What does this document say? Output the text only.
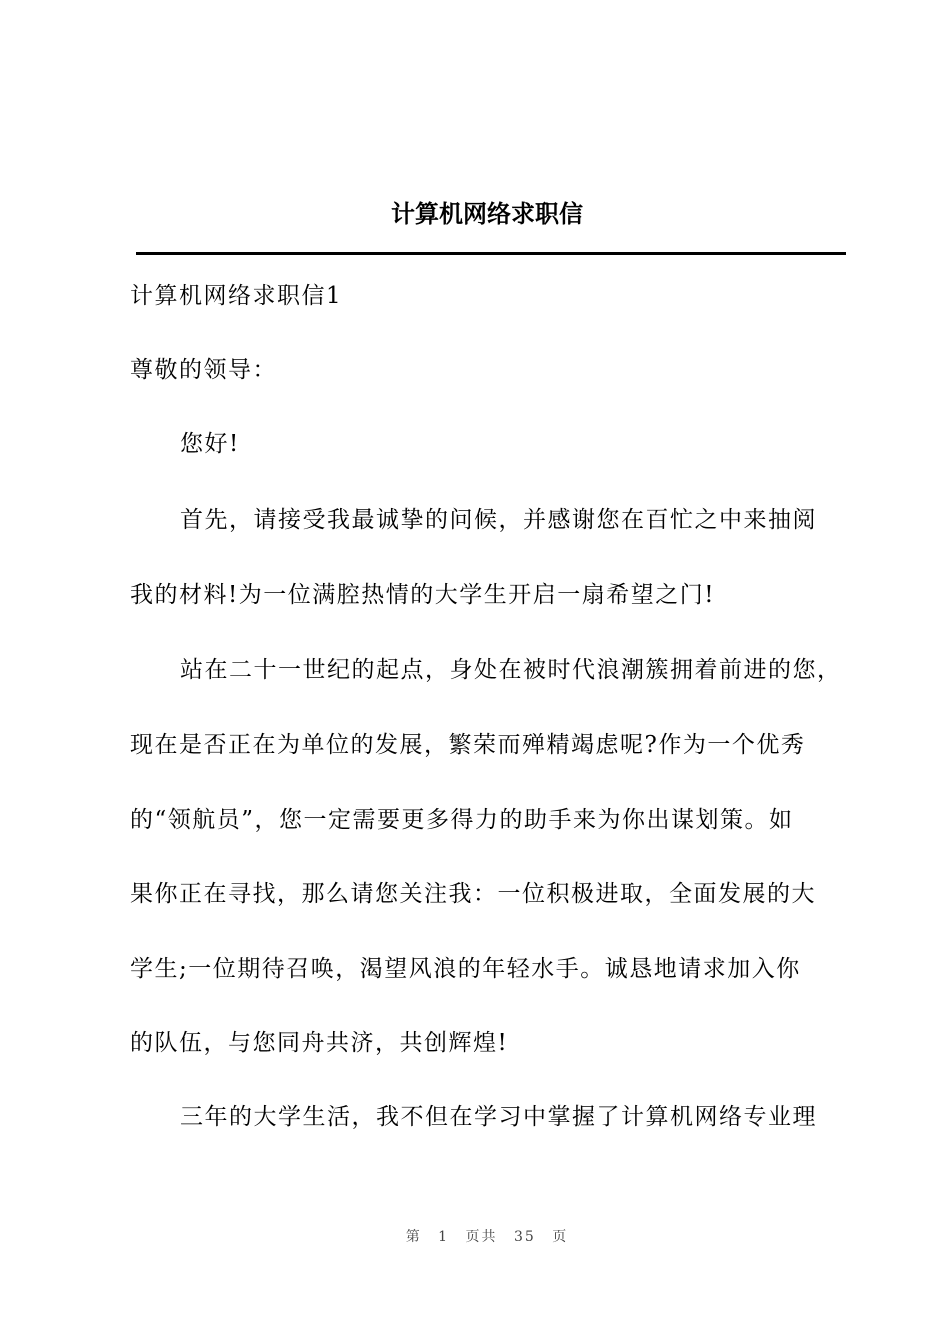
计算机网络求职信
计算机网络求职信1
尊敬的领导：
您好!
首先，请接受我最诚挚的问候，并感谢您在百忙之中来抽阅
我的材料!为一位满腔热情的大学生开启一扇希望之门!
站在二十一世纪的起点，身处在被时代浪潮簇拥着前进的您，
现在是否正在为单位的发展，繁荣而殚精竭虑呢?作为一个优秀
的“领航员”，您一定需要更多得力的助手来为你出谋划策。如
果你正在寻找，那么请您关注我：一位积极进取，全面发展的大
学生;一位期待召唤，渴望风浪的年轻水手。诚恳地请求加入你
的队伍，与您同舟共济，共创辉煌!
三年的大学生活，我不但在学习中掌握了计算机网络专业理
第 1 页共 35 页
